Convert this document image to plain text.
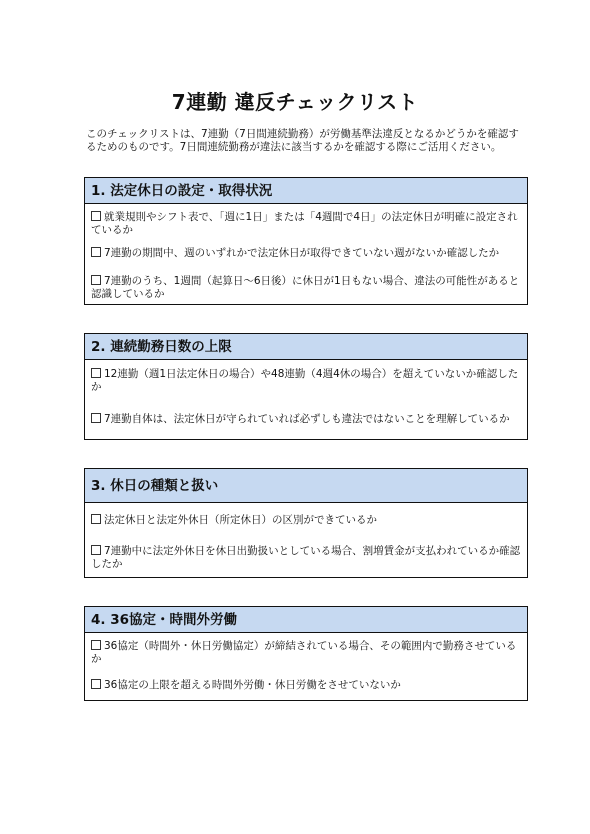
7連勤 違反チェックリスト
このチェックリストは、7連勤（7日間連続勤務）が労働基準法違反となるかどうかを確認するためのものです。7日間連続勤務が違法に該当するかを確認する際にご活用ください。
1. 法定休日の設定・取得状況
就業規則やシフト表で、「週に1日」または「4週間で4日」の法定休日が明確に設定されているか
7連勤の期間中、週のいずれかで法定休日が取得できていない週がないか確認したか
7連勤のうち、1週間（起算日〜6日後）に休日が1日もない場合、違法の可能性があると認識しているか
2. 連続勤務日数の上限
12連勤（週1日法定休日の場合）や48連勤（4週4休の場合）を超えていないか確認したか
7連勤自体は、法定休日が守られていれば必ずしも違法ではないことを理解しているか
3. 休日の種類と扱い
法定休日と法定外休日（所定休日）の区別ができているか
7連勤中に法定外休日を休日出勤扱いとしている場合、割増賃金が支払われているか確認したか
4. 36協定・時間外労働
36協定（時間外・休日労働協定）が締結されている場合、その範囲内で勤務させているか
36協定の上限を超える時間外労働・休日労働をさせていないか
